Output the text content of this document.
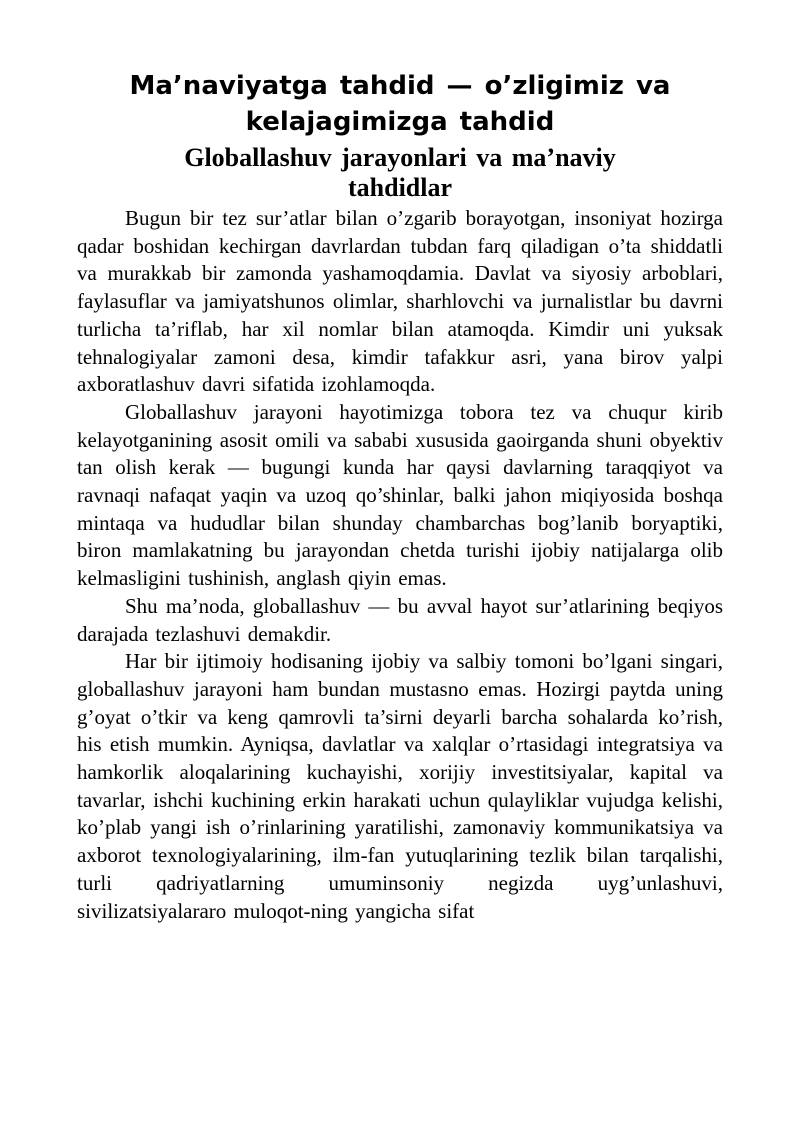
Ma’naviyatga tahdid — o’zligimiz va
kelajagimizga tahdid
Globallashuv jarayonlari va ma’naviy
tahdidlar

Bugun bir tez sur’atlar bilan o’zgarib borayotgan, insoniyat hozirga qadar boshidan kechirgan davrlardan tubdan farq qiladigan o’ta shiddatli va murakkab bir zamonda yashamoqdamia. Davlat va siyosiy arboblari, faylasuflar va jamiyatshunos olimlar, sharhlovchi va jurnalistlar bu davrni turlicha ta’riflab, har xil nomlar bilan atamoqda. Kimdir uni yuksak tehnalogiyalar zamoni desa, kimdir tafakkur asri, yana birov yalpi axboratlashuv davri sifatida izohlamoqda.

Globallashuv jarayoni hayotimizga tobora tez va chuqur kirib kelayotganining asosit omili va sababi xususida gaoirganda shuni obyektiv tan olish kerak — bugungi kunda har qaysi davlarning taraqqiyot va ravnaqi nafaqat yaqin va uzoq qo’shinlar, balki jahon miqiyosida boshqa mintaqa va hududlar bilan shunday chambarchas bog’lanib boryaptiki, biron mamlakatning bu jarayondan chetda turishi ijobiy natijalarga olib kelmasligini tushinish, anglash qiyin emas.

Shu ma’noda, globallashuv — bu avval hayot sur’atlarining beqiyos darajada tezlashuvi demakdir.

Har bir ijtimoiy hodisaning ijobiy va salbiy tomoni bo’lgani singari, globallashuv jarayoni ham bundan mustasno emas. Hozirgi paytda uning g’oyat o’tkir va keng qamrovli ta’sirni deyarli barcha sohalarda ko’rish, his etish mumkin. Ayniqsa, davlatlar va xalqlar o’rtasidagi integratsiya va hamkorlik aloqalarining kuchayishi, xorijiy investitsiyalar, kapital va tavarlar, ishchi kuchining erkin harakati uchun qulayliklar vujudga kelishi, ko’plab yangi ish o’rinlarining yaratilishi, zamonaviy kommunikatsiya va axborot texnologiyalarining, ilm-fan yutuqlarining tezlik bilan tarqalishi, turli qadriyatlarning umuminsoniy negizda uyg’unlashuvi, sivilizatsiyalararo muloqot-ning yangicha sifat
